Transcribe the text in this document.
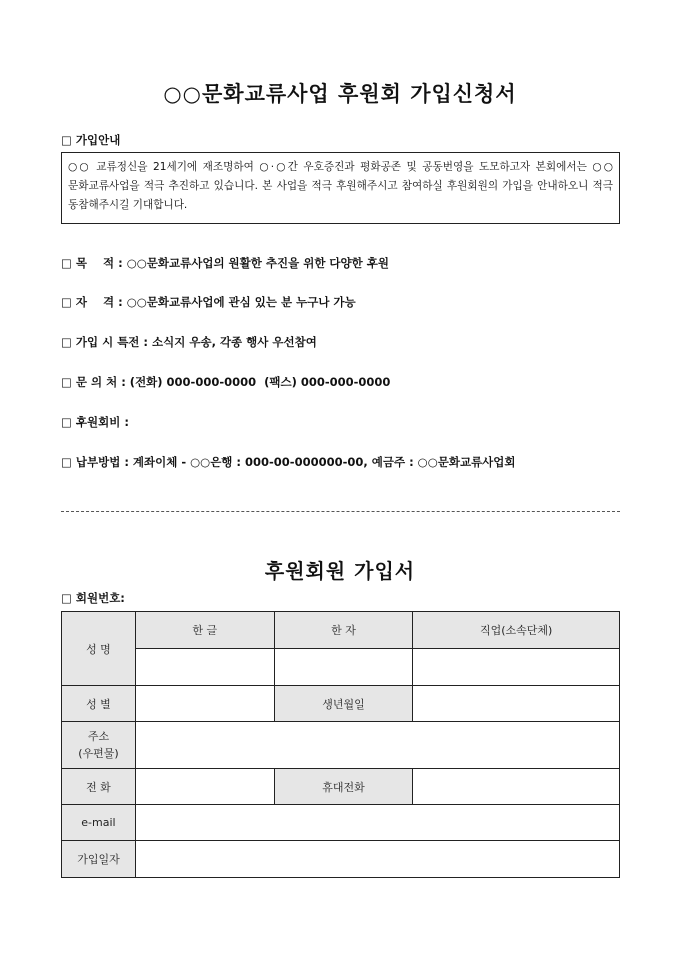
○○문화교류사업 후원회 가입신청서
□ 가입안내
○○ 교류정신을 21세기에 재조명하여 ○·○간 우호증진과 평화공존 및 공동번영을 도모하고자 본회에서는 ○○문화교류사업을 적극 추진하고 있습니다. 본 사업을 적극 후원해주시고 참여하실 후원회원의 가입을 안내하오니 적극 동참해주시길 기대합니다.
□ 목    적 : ○○문화교류사업의 원활한 추진을 위한 다양한 후원
□ 자    격 : ○○문화교류사업에 관심 있는 분 누구나 가능
□ 가입 시 특전 : 소식지 우송, 각종 행사 우선참여
□ 문 의 처 : (전화) 000-000-0000  (팩스) 000-000-0000
□ 후원회비 :
□ 납부방법 : 계좌이체 - ○○은행 : 000-00-000000-00, 예금주 : ○○문화교류사업회
후원회원 가입서
□ 회원번호:
성 명	한 글	한 자	직업(소속단체)

성 별		생년월일	

주소
(우편물)			

전 화		휴대전화	
e-mail			
가입일자			
